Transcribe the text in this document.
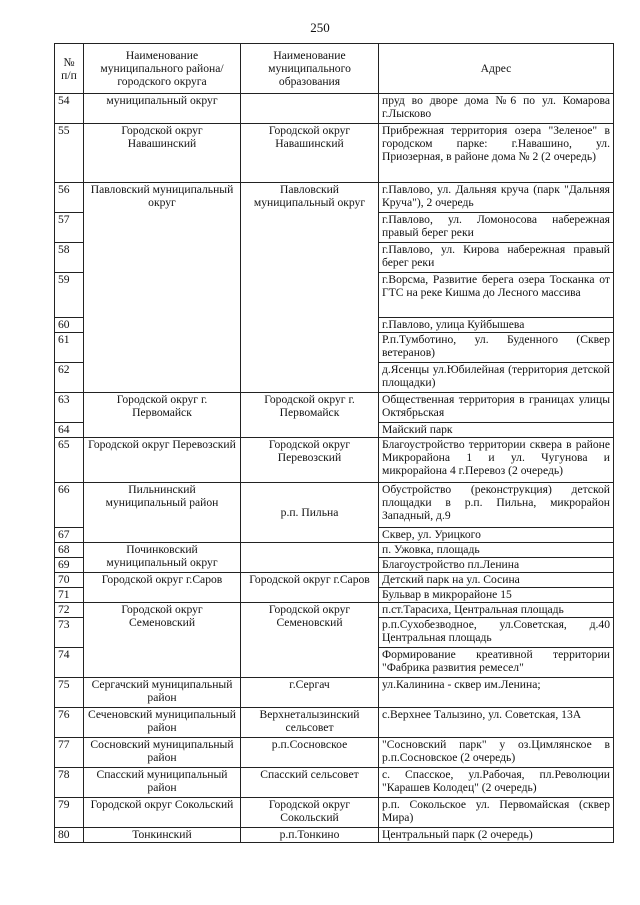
250
№ п/п	Наименование муниципального района/ городского округа	Наименование муниципального образования	Адрес
54	муниципальный округ		пруд во дворе дома №6 по ул. Комарова г.Лысково
55	Городской округ Навашинский	Городской округ Навашинский	Прибрежная территория озера "Зеленое" в городском парке: г.Навашино, ул. Приозерная, в районе дома № 2 (2 очередь)
56	Павловский муниципальный округ	Павловский муниципальный округ	г.Павлово, ул. Дальняя круча (парк "Дальняя Круча"), 2 очередь
57			г.Павлово, ул. Ломоносова набережная правый берег реки
58			г.Павлово, ул. Кирова набережная правый берег реки
59			г.Ворсма, Развитие берега озера Тосканка от ГТС на реке Кишма до Лесного массива
60			г.Павлово, улица Куйбышева
61			Р.п.Тумботино, ул. Буденного (Сквер ветеранов)
62			д.Ясенцы ул.Юбилейная (территория детской площадки)
63	Городской округ г. Первомайск	Городской округ г. Первомайск	Общественная территория в границах улицы Октябрьская
64			Майский парк
65	Городской округ Перевозский	Городской округ Перевозский	Благоустройство территории сквера в районе Микрорайона 1 и ул. Чугунова и микрорайона 4 г.Перевоз (2 очередь)
66	Пильнинский муниципальный район	р.п. Пильна	Обустройство (реконструкция) детской площадки в р.п. Пильна, микрорайон Западный, д.9
67			Сквер, ул. Урицкого
68	Починковский муниципальный округ		п. Ужовка, площадь
69			Благоустройство пл.Ленина
70	Городской округ г.Саров	Городской округ г.Саров	Детский парк на ул. Сосина
71			Бульвар в микрорайоне 15
72	Городской округ Семеновский	Городской округ Семеновский	п.ст.Тарасиха, Центральная площадь
73			р.п.Сухобезводное, ул.Советская, д.40 Центральная площадь
74			Формирование креативной территории "Фабрика развития ремесел"
75	Сергачский муниципальный район	г.Сергач	ул.Калинина - сквер им.Ленина;
76	Сеченовский муниципальный район	Верхнеталызинский сельсовет	с.Верхнее Талызино, ул. Советская, 13А
77	Сосновский муниципальный район	р.п.Сосновское	"Сосновский парк" у оз.Цимлянское в р.п.Сосновское (2 очередь)
78	Спасский муниципальный район	Спасский сельсовет	с. Спасское, ул.Рабочая, пл.Революции "Карашев Колодец" (2 очередь)
79	Городской округ Сокольский	Городской округ Сокольский	р.п. Сокольское ул. Первомайская (сквер Мира)
80	Тонкинский	р.п.Тонкино	Центральный парк (2 очередь)
